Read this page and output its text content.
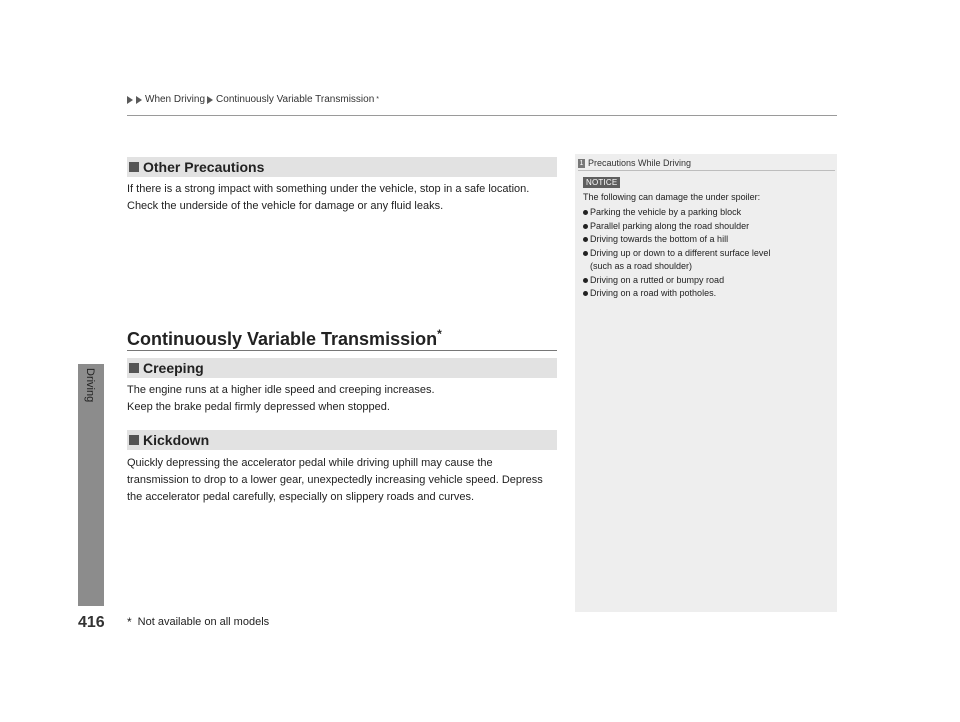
When Driving Continuously Variable Transmission *
Driving
Other Precautions
If there is a strong impact with something under the vehicle, stop in a safe location. Check the underside of the vehicle for damage or any fluid leaks.
Continuously Variable Transmission*
Creeping
The engine runs at a higher idle speed and creeping increases. Keep the brake pedal firmly depressed when stopped.
Kickdown
Quickly depressing the accelerator pedal while driving uphill may cause the transmission to drop to a lower gear, unexpectedly increasing vehicle speed. Depress the accelerator pedal carefully, especially on slippery roads and curves.
1 Precautions While Driving
NOTICE
The following can damage the under spoiler:
Parking the vehicle by a parking block
Parallel parking along the road shoulder
Driving towards the bottom of a hill
Driving up or down to a different surface level
(such as a road shoulder)
Driving on a rutted or bumpy road
Driving on a road with potholes.
416 * Not available on all models
